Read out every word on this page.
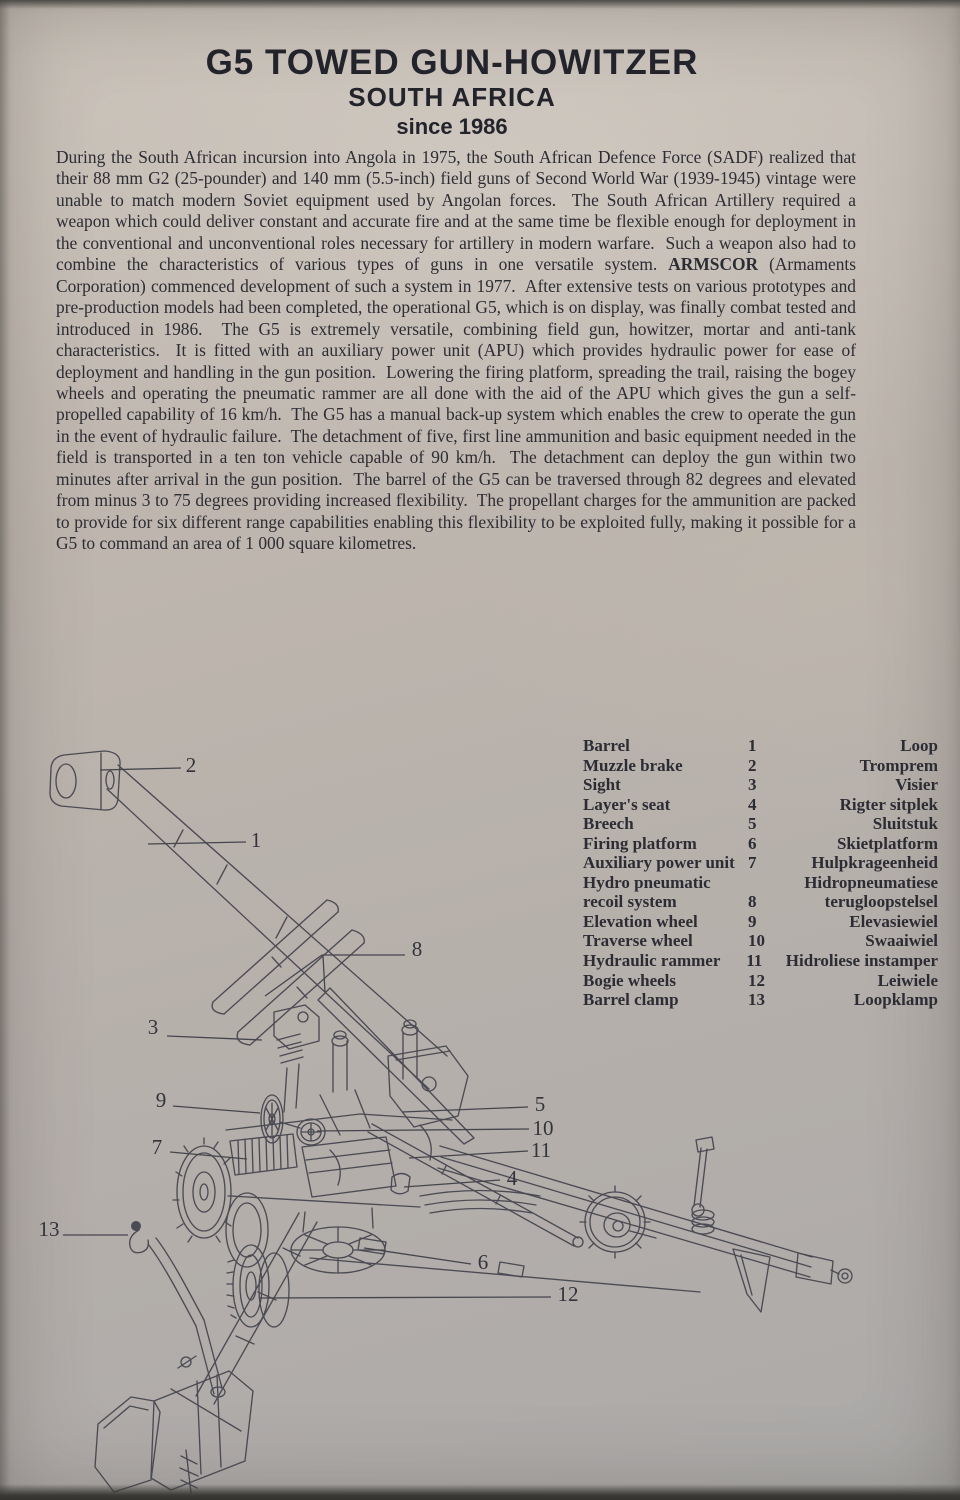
G5 TOWED GUN-HOWITZER
SOUTH AFRICA
since 1986
During the South African incursion into Angola in 1975, the South African Defence Force (SADF) realized that their 88 mm G2 (25-pounder) and 140 mm (5.5-inch) field guns of Second World War (1939-1945) vintage were unable to match modern Soviet equipment used by Angolan forces.  The South African Artillery required a weapon which could deliver constant and accurate fire and at the same time be flexible enough for deployment in the conventional and unconventional roles necessary for artillery in modern warfare.  Such a weapon also had to combine the characteristics of various types of guns in one versatile system. ARMSCOR (Armaments Corporation) commenced development of such a system in 1977.  After extensive tests on various prototypes and pre-production models had been completed, the operational G5, which is on display, was finally combat tested and introduced in 1986.  The G5 is extremely versatile, combining field gun, howitzer, mortar and anti-tank characteristics.  It is fitted with an auxiliary power unit (APU) which provides hydraulic power for ease of deployment and handling in the gun position.  Lowering the firing platform, spreading the trail, raising the bogey wheels and operating the pneumatic rammer are all done with the aid of the APU which gives the gun a self-propelled capability of 16 km/h.  The G5 has a manual back-up system which enables the crew to operate the gun in the event of hydraulic failure.  The detachment of five, first line ammunition and basic equipment needed in the field is transported in a ten ton vehicle capable of 90 km/h.  The detachment can deploy the gun within two minutes after arrival in the gun position.  The barrel of the G5 can be traversed through 82 degrees and elevated from minus 3 to 75 degrees providing increased flexibility.  The propellant charges for the ammunition are packed to provide for six different range capabilities enabling this flexibility to be exploited fully, making it possible for a G5 to command an area of 1 000 square kilometres.
Barrel	1	Loop
Muzzle brake	2	Tromprem
Sight	3	Visier
Layer's seat	4	Rigter sitplek
Breech	5	Sluitstuk
Firing platform	6	Skietplatform
Auxiliary power unit 7	Hulpkrageenheid
Hydro pneumatic	Hidropneumatiese
recoil system	8	terugloopstelsel
Elevation wheel	9	Elevasiewiel
Traverse wheel	10	Swaaiwiel
Hydraulic rammer	11	Hidroliese instamper
Bogie wheels	12	Leiwiele
Barrel clamp	13	Loopklamp
1
2
3
4
5
6
7
8
9
10
11
12
13
